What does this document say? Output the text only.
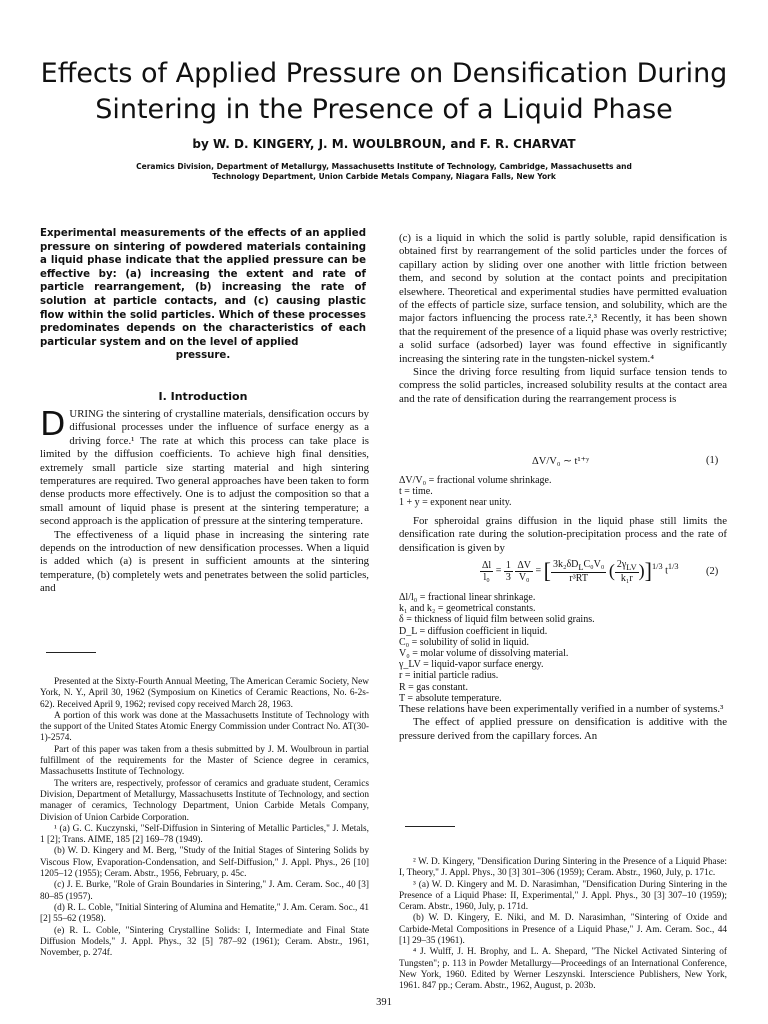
Effects of Applied Pressure on Densification During
Sintering in the Presence of a Liquid Phase
by W. D. KINGERY, J. M. WOULBROUN, and F. R. CHARVAT
Ceramics Division, Department of Metallurgy, Massachusetts Institute of Technology, Cambridge, Massachusetts and Technology Department, Union Carbide Metals Company, Niagara Falls, New York
Experimental measurements of the effects of an applied pressure on sintering of powdered materials containing a liquid phase indicate that the applied pressure can be effective by: (a) increasing the extent and rate of particle rearrangement, (b) increasing the rate of solution at particle contacts, and (c) causing plastic flow within the solid particles. Which of these processes predominates depends on the characteristics of each particular system and on the level of applied
pressure.
I. Introduction

DURING the sintering of crystalline materials, densification occurs by diffusional processes under the influence of surface energy as a driving force.¹ The rate at which this process can take place is limited by the diffusion coefficients. To achieve high final densities, extremely small particle size starting material and high sintering temperatures are required. Two general approaches have been taken to form dense products more effectively. One is to adjust the composition so that a small amount of liquid phase is present at the sintering temperature; a second approach is the application of pressure at the sintering temperature.

The effectiveness of a liquid phase in increasing the sintering rate depends on the introduction of new densification processes. When a liquid is added which (a) is present in sufficient amounts at the sintering temperature, (b) completely wets and penetrates between the solid particles, and

Presented at the Sixty-Fourth Annual Meeting, The American Ceramic Society, New York, N. Y., April 30, 1962 (Symposium on Kinetics of Ceramic Reactions, No. 6-2s-62). Received April 9, 1962; revised copy received March 28, 1963.

A portion of this work was done at the Massachusetts Institute of Technology with the support of the United States Atomic Energy Commission under Contract No. AT(30-1)-2574.

Part of this paper was taken from a thesis submitted by J. M. Woulbroun in partial fulfillment of the requirements for the Master of Science degree in ceramics, Massachusetts Institute of Technology.

The writers are, respectively, professor of ceramics and graduate student, Ceramics Division, Department of Metallurgy, Massachusetts Institute of Technology, and section manager of ceramics, Technology Department, Union Carbide Metals Company, Division of Union Carbide Corporation.

¹ (a) G. C. Kuczynski, "Self-Diffusion in Sintering of Metallic Particles," J. Metals, 1 [2]; Trans. AIME, 185 [2] 169–78 (1949).

(b) W. D. Kingery and M. Berg, "Study of the Initial Stages of Sintering Solids by Viscous Flow, Evaporation-Condensation, and Self-Diffusion," J. Appl. Phys., 26 [10] 1205–12 (1955); Ceram. Abstr., 1956, February, p. 45c.

(c) J. E. Burke, "Role of Grain Boundaries in Sintering," J. Am. Ceram. Soc., 40 [3] 80–85 (1957).

(d) R. L. Coble, "Initial Sintering of Alumina and Hematite," J. Am. Ceram. Soc., 41 [2] 55–62 (1958).

(e) R. L. Coble, "Sintering Crystalline Solids: I, Intermediate and Final State Diffusion Models," J. Appl. Phys., 32 [5] 787–92 (1961); Ceram. Abstr., 1961, November, p. 274f.

(c) is a liquid in which the solid is partly soluble, rapid densification is obtained first by rearrangement of the solid particles under the forces of capillary action by sliding over one another with little friction between them, and second by solution at the contact points and precipitation elsewhere. Theoretical and experimental studies have permitted evaluation of the effects of particle size, surface tension, and solubility, which are the major factors influencing the process rate.²,³ Recently, it has been shown that the requirement of the presence of a liquid phase was overly restrictive; a solid surface (adsorbed) layer was found effective in significantly increasing the sintering rate in the tungsten-nickel system.⁴

Since the driving force resulting from liquid surface tension tends to compress the solid particles, increased solubility results at the contact area and the rate of densification during the rearrangement process is

ΔV/V₀ ∼ t¹⁺ʸ	(1)
ΔV/V₀ = fractional volume shrinkage.
t = time.
1 + y = exponent near unity.

For spheroidal grains diffusion in the liquid phase still limits the densification rate during the solution-precipitation process and the rate of densification is given by

$\frac{\Delta l}{\text{l₀}} = \frac{1}{3}$
$\frac{\Delta V}{\text{V₀}}$ = [ $\frac{3k_2\delta D_LC_0V_0}{\text{r³RT}}$ ( $\frac{2\gamma_{LV}}{\text{k₁r}} )]^{1/3}$ $t^{1/3}$	(2)
Δl/l₀ = fractional linear shrinkage.
k₁ and k₂ = geometrical constants.
δ = thickness of liquid film between solid grains.
D_L = diffusion coefficient in liquid.
C₀ = solubility of solid in liquid.
V₀ = molar volume of dissolving material.
γ_LV = liquid-vapor surface energy.
r = initial particle radius.
R = gas constant.
T = absolute temperature.

These relations have been experimentally verified in a number of systems.³

The effect of applied pressure on densification is additive with the pressure derived from the capillary forces. An

² W. D. Kingery, "Densification During Sintering in the Presence of a Liquid Phase: I, Theory," J. Appl. Phys., 30 [3] 301–306 (1959); Ceram. Abstr., 1960, July, p. 171c.

³ (a) W. D. Kingery and M. D. Narasimhan, "Densification During Sintering in the Presence of a Liquid Phase: II, Experimental," J. Appl. Phys., 30 [3] 307–10 (1959); Ceram. Abstr., 1960, July, p. 171d.

(b) W. D. Kingery, E. Niki, and M. D. Narasimhan, "Sintering of Oxide and Carbide-Metal Compositions in Presence of a Liquid Phase," J. Am. Ceram. Soc., 44 [1] 29–35 (1961).

⁴ J. Wulff, J. H. Brophy, and L. A. Shepard, "The Nickel Activated Sintering of Tungsten"; p. 113 in Powder Metallurgy—Proceedings of an International Conference, New York, 1960. Edited by Werner Leszynski. Interscience Publishers, New York, 1961. 847 pp.; Ceram. Abstr., 1962, August, p. 203b.

391
